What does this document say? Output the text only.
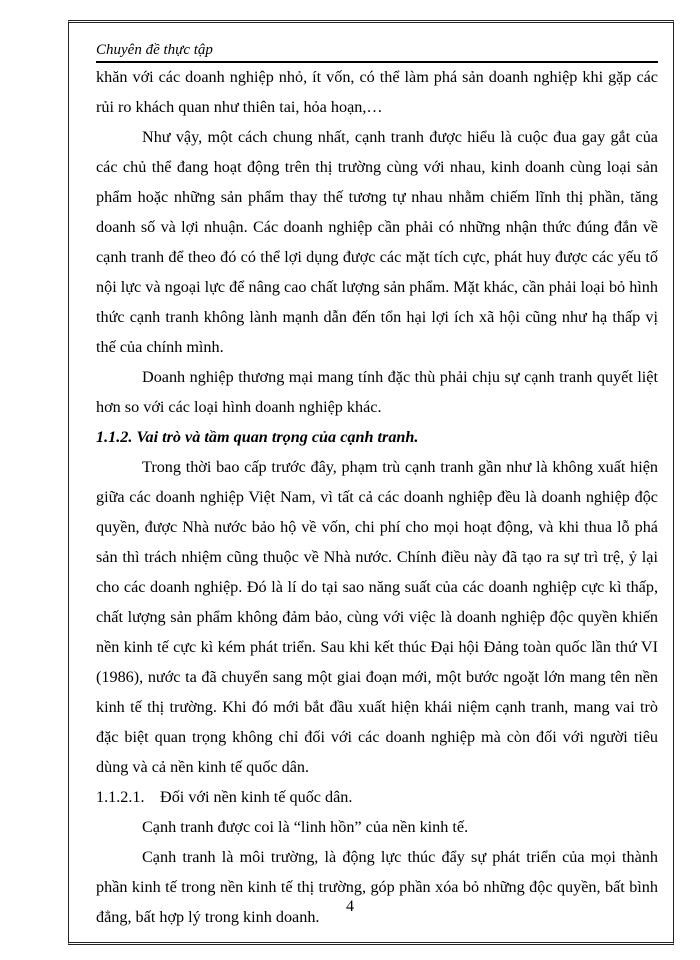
Chuyên đề thực tập

khăn với các doanh nghiệp nhỏ, ít vốn, có thể làm phá sản doanh nghiệp khi gặp các rủi ro khách quan như thiên tai, hỏa hoạn,…

Như vậy, một cách chung nhất, cạnh tranh được hiểu là cuộc đua gay gắt của các chủ thể đang hoạt động trên thị trường cùng với nhau, kinh doanh cùng loại sản phẩm hoặc những sản phẩm thay thế tương tự nhau nhằm chiếm lĩnh thị phần, tăng doanh số và lợi nhuận. Các doanh nghiệp cần phải có những nhận thức đúng đắn về cạnh tranh để theo đó có thể lợi dụng được các mặt tích cực, phát huy được các yếu tố nội lực và ngoại lực để nâng cao chất lượng sản phẩm. Mặt khác, cần phải loại bỏ hình thức cạnh tranh không lành mạnh dẫn đến tổn hại lợi ích xã hội cũng như hạ thấp vị thế của chính mình.

Doanh nghiệp thương mại mang tính đặc thù phải chịu sự cạnh tranh quyết liệt hơn so với các loại hình doanh nghiệp khác.

1.1.2. Vai trò và tầm quan trọng của cạnh tranh.

Trong thời bao cấp trước đây, phạm trù cạnh tranh gần như là không xuất hiện giữa các doanh nghiệp Việt Nam, vì tất cả các doanh nghiệp đều là doanh nghiệp độc quyền, được Nhà nước bảo hộ về vốn, chi phí cho mọi hoạt động, và khi thua lỗ phá sản thì trách nhiệm cũng thuộc về Nhà nước. Chính điều này đã tạo ra sự trì trệ, ỷ lại cho các doanh nghiệp. Đó là lí do tại sao năng suất của các doanh nghiệp cực kì thấp, chất lượng sản phẩm không đảm bảo, cùng với việc là doanh nghiệp độc quyền khiến nền kinh tế cực kì kém phát triển. Sau khi kết thúc Đại hội Đảng toàn quốc lần thứ VI (1986), nước ta đã chuyển sang một giai đoạn mới, một bước ngoặt lớn mang tên nền kinh tế thị trường. Khi đó mới bắt đầu xuất hiện khái niệm cạnh tranh, mang vai trò đặc biệt quan trọng không chỉ đối với các doanh nghiệp mà còn đối với người tiêu dùng và cả nền kinh tế quốc dân.

1.1.2.1. Đối với nền kinh tế quốc dân.

Cạnh tranh được coi là “linh hồn” của nền kinh tế.

Cạnh tranh là môi trường, là động lực thúc đẩy sự phát triển của mọi thành phần kinh tế trong nền kinh tế thị trường, góp phần xóa bỏ những độc quyền, bất bình đẳng, bất hợp lý trong kinh doanh.

4
